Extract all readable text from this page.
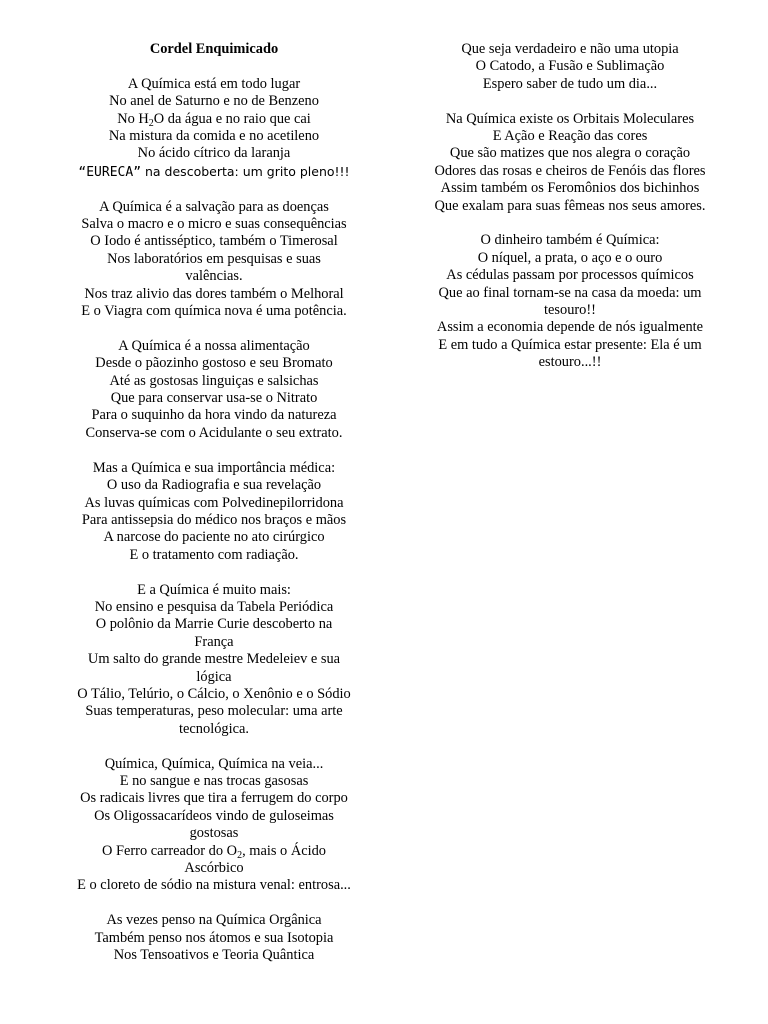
Cordel Enquimicado
A Química está em todo lugar
No anel de Saturno e no de Benzeno
No $H_2O$ da água e no raio que cai
Na mistura da comida e no acetileno
No ácido cítrico da laranja
“EURECA” na descoberta: um grito pleno!!!
A Química é a salvação para as doenças
Salva o macro e o micro e suas consequências
O Iodo é antisséptico, também o Timerosal
Nos laboratórios em pesquisas e suas
valências.
Nos traz alivio das dores também o Melhoral
E o Viagra com química nova é uma potência.
A Química é a nossa alimentação
Desde o pãozinho gostoso e seu Bromato
Até as gostosas linguiças e salsichas
Que para conservar usa-se o Nitrato
Para o suquinho da hora vindo da natureza
Conserva-se com o Acidulante o seu extrato.
Mas a Química e sua importância médica:
O uso da Radiografia e sua revelação
As luvas químicas com Polvedinepilorridona
Para antissepsia do médico nos braços e mãos
A narcose do paciente no ato cirúrgico
E o tratamento com radiação.
E a Química é muito mais:
No ensino e pesquisa da Tabela Periódica
O polônio da Marrie Curie descoberto na
França
Um salto do grande mestre Medeleiev e sua
lógica
O Tálio, Telúrio, o Cálcio, o Xenônio e o Sódio
Suas temperaturas, peso molecular: uma arte
tecnológica.
Química, Química, Química na veia...
E no sangue e nas trocas gasosas
Os radicais livres que tira a ferrugem do corpo
Os Oligossacarídeos vindo de guloseimas
gostosas
O Ferro carreador do $O_2$, mais o Ácido
Ascórbico
E o cloreto de sódio na mistura venal: entrosa...
As vezes penso na Química Orgânica
Também penso nos átomos e sua Isotopia
Nos Tensoativos e Teoria Quântica
Que seja verdadeiro e não uma utopia
O Catodo, a Fusão e Sublimação
Espero saber de tudo um dia...
Na Química existe os Orbitais Moleculares
E Ação e Reação das cores
Que são matizes que nos alegra o coração
Odores das rosas e cheiros de Fenóis das flores
Assim também os Feromônios dos bichinhos
Que exalam para suas fêmeas nos seus amores.
O dinheiro também é Química:
O níquel, a prata, o aço e o ouro
As cédulas passam por processos químicos
Que ao final tornam-se na casa da moeda: um
tesouro!!
Assim a economia depende de nós igualmente
E em tudo a Química estar presente: Ela é um
estouro...!!
